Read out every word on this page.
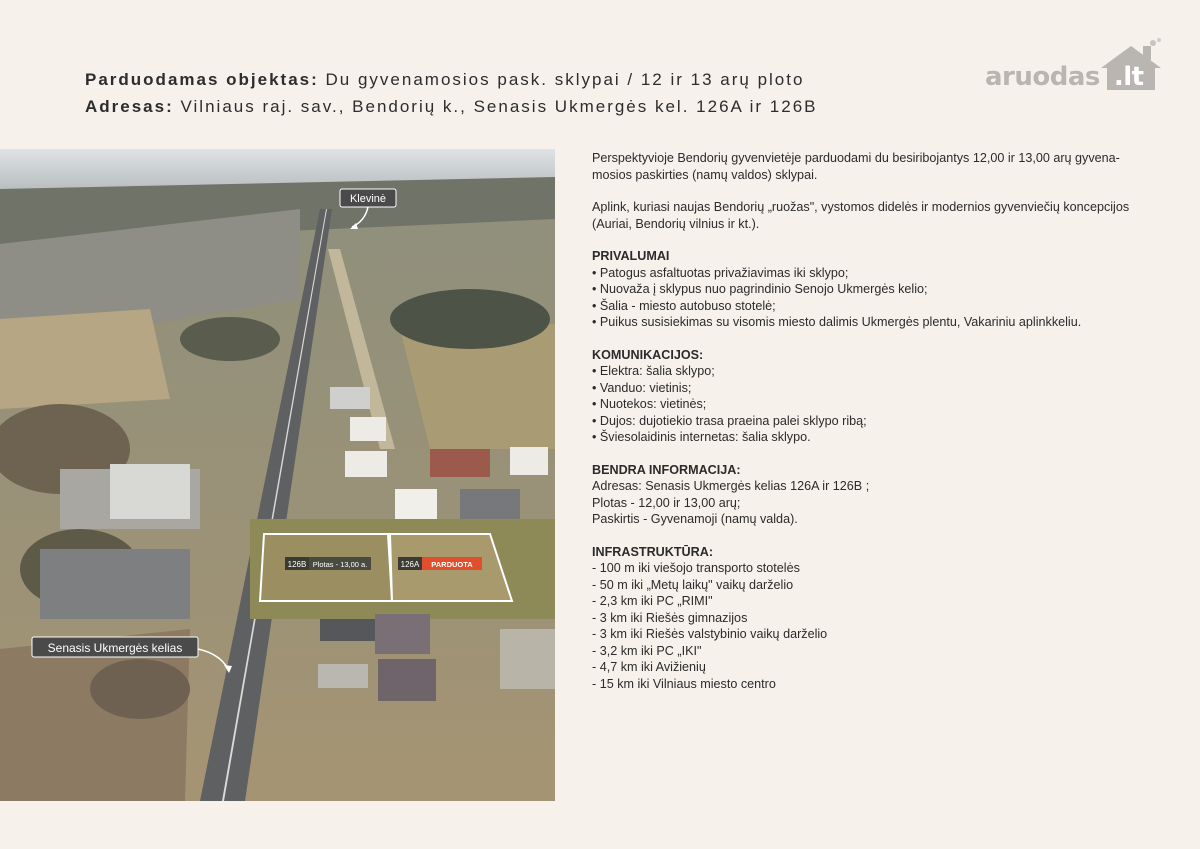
Parduodamas objektas: Du gyvenamosios pask. sklypai / 12 ir 13 arų ploto
Adresas: Vilniaus raj. sav., Bendorių k., Senasis Ukmergės kel. 126A ir 126B
aruodas .lt
126B Plotas - 13,00 a.	126A PARDUOTA
Klevinė
Senasis Ukmergės kelias

Perspektyvioje Bendorių gyvenvietėje parduodami du besiribojantys 12,00 ir 13,00 arų gyvena-

mosios paskirties (namų valdos) sklypai.

Aplink, kuriasi naujas Bendorių „ruožas", vystomos didelės ir modernios gyvenviečių koncepcijos

(Auriai, Bendorių vilnius ir kt.).

PRIVALUMAI

• Patogus asfaltuotas privažiavimas iki sklypo;
• Nuovaža į sklypus nuo pagrindinio Senojo Ukmergės kelio;
• Šalia - miesto autobuso stotelė;
• Puikus susisiekimas su visomis miesto dalimis Ukmergės plentu, Vakariniu aplinkkeliu.

KOMUNIKACIJOS:

• Elektra: šalia sklypo;
• Vanduo: vietinis;
• Nuotekos: vietinės;
• Dujos: dujotiekio trasa praeina palei sklypo ribą;
• Šviesolaidinis internetas: šalia sklypo.

BENDRA INFORMACIJA:

Adresas: Senasis Ukmergės kelias 126A ir 126B ;
Plotas - 12,00 ir 13,00 arų;
Paskirtis - Gyvenamoji (namų valda).

INFRASTRUKTŪRA:

- 100 m iki viešojo transporto stotelės
- 50 m iki „Metų laikų" vaikų darželio
- 2,3 km iki PC „RIMI"
- 3 km iki Riešės gimnazijos
- 3 km iki Riešės valstybinio vaikų darželio
- 3,2 km iki PC „IKI"
- 4,7 km iki Avižienių
- 15 km iki Vilniaus miesto centro
